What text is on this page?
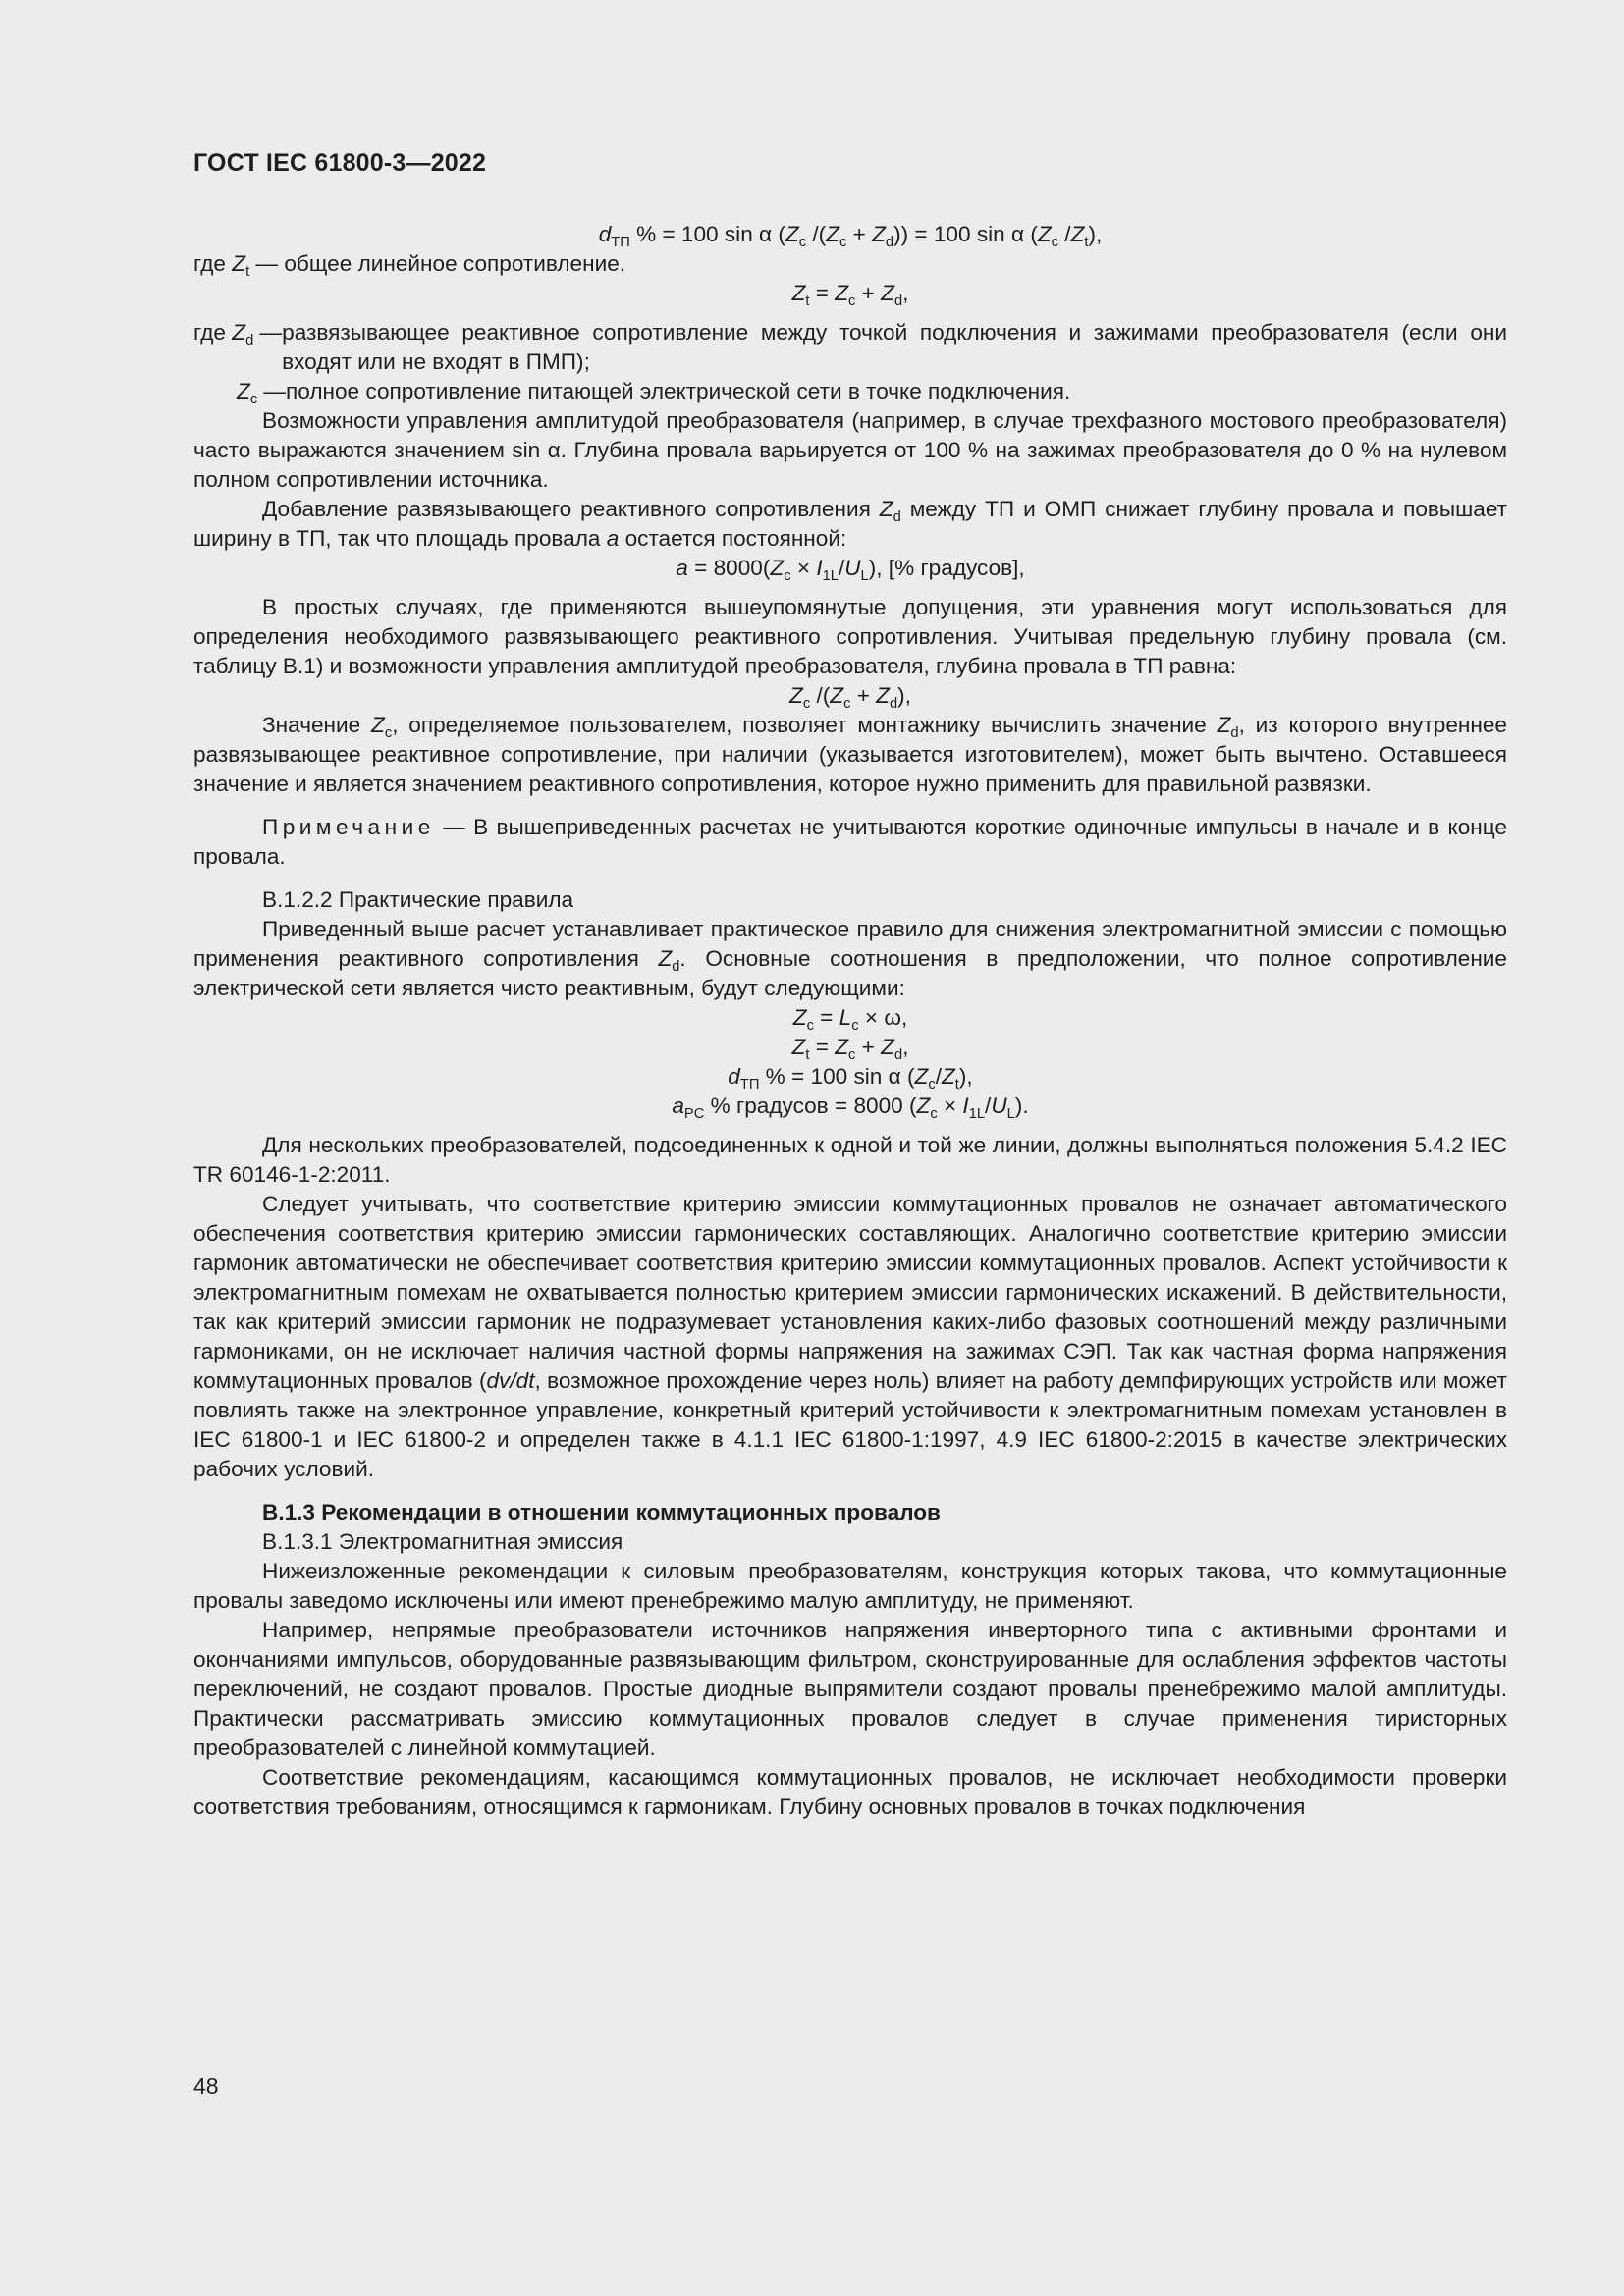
ГОСТ IEC 61800-3—2022

$d_{ТП}$ % = 100 sin α ($Z_c$ $/(Z_c + Z_d)) = 100$ sin α ($Z_c$ $/Z_t$),

где $Z_t$ — общее линейное сопротивление.

$Z_t = Z_c + Z_d$,

где $Z_d$ — развязывающее реактивное сопротивление между точкой подключения и зажимами преобразователя (если они входят или не входят в ПМП);
$Z_c$ — полное сопротивление питающей электрической сети в точке подключения.

Возможности управления амплитудой преобразователя (например, в случае трехфазного мостового преобразователя) часто выражаются значением sin α. Глубина провала варьируется от 100 % на зажимах преобразователя до 0 % на нулевом полном сопротивлении источника.

Добавление развязывающего реактивного сопротивления $Z_d$ между ТП и ОМП снижает глубину провала и повышает ширину в ТП, так что площадь провала a остается постоянной:

$a = 8000(Z_c \times I_{1L}/U_L)$, [% градусов],

В простых случаях, где применяются вышеупомянутые допущения, эти уравнения могут использоваться для определения необходимого развязывающего реактивного сопротивления. Учитывая предельную глубину провала (см. таблицу B.1) и возможности управления амплитудой преобразователя, глубина провала в ТП равна:

$Z_c$ $/(Z_c + Z_d)$,

Значение $Z_c$, определяемое пользователем, позволяет монтажнику вычислить значение $Z_d$, из которого внутреннее развязывающее реактивное сопротивление, при наличии (указывается изготовителем), может быть вычтено. Оставшееся значение и является значением реактивного сопротивления, которое нужно применить для правильной развязки.

Примечание — В вышеприведенных расчетах не учитываются короткие одиночные импульсы в начале и в конце провала.

B.1.2.2 Практические правила

Приведенный выше расчет устанавливает практическое правило для снижения электромагнитной эмиссии с помощью применения реактивного сопротивления $Z_d$. Основные соотношения в предположении, что полное сопротивление электрической сети является чисто реактивным, будут следующими:

$Z_c = L_c \times \omega$,

$Z_t = Z_c + Z_d$,

$d_{ТП}$ % = 100 sin α $(Z_c/Z_t)$,

$a_{PC}$ % градусов = 8000 $(Z_c \times I_{1L}/U_L)$.

Для нескольких преобразователей, подсоединенных к одной и той же линии, должны выполняться положения 5.4.2 IEC TR 60146-1-2:2011.

Следует учитывать, что соответствие критерию эмиссии коммутационных провалов не означает автоматического обеспечения соответствия критерию эмиссии гармонических составляющих. Аналогично соответствие критерию эмиссии гармоник автоматически не обеспечивает соответствия критерию эмиссии коммутационных провалов. Аспект устойчивости к электромагнитным помехам не охватывается полностью критерием эмиссии гармонических искажений. В действительности, так как критерий эмиссии гармоник не подразумевает установления каких-либо фазовых соотношений между различными гармониками, он не исключает наличия частной формы напряжения на зажимах СЭП. Так как частная форма напряжения коммутационных провалов (dv/dt, возможное прохождение через ноль) влияет на работу демпфирующих устройств или может повлиять также на электронное управление, конкретный критерий устойчивости к электромагнитным помехам установлен в IEC 61800-1 и IEC 61800-2 и определен также в 4.1.1 IEC 61800-1:1997, 4.9 IEC 61800-2:2015 в качестве электрических рабочих условий.

B.1.3 Рекомендации в отношении коммутационных провалов

B.1.3.1 Электромагнитная эмиссия

Нижеизложенные рекомендации к силовым преобразователям, конструкция которых такова, что коммутационные провалы заведомо исключены или имеют пренебрежимо малую амплитуду, не применяют.

Например, непрямые преобразователи источников напряжения инверторного типа с активными фронтами и окончаниями импульсов, оборудованные развязывающим фильтром, сконструированные для ослабления эффектов частоты переключений, не создают провалов. Простые диодные выпрямители создают провалы пренебрежимо малой амплитуды. Практически рассматривать эмиссию коммутационных провалов следует в случае применения тиристорных преобразователей с линейной коммутацией.

Соответствие рекомендациям, касающимся коммутационных провалов, не исключает необходимости проверки соответствия требованиям, относящимся к гармоникам. Глубину основных провалов в точках подключения

48
